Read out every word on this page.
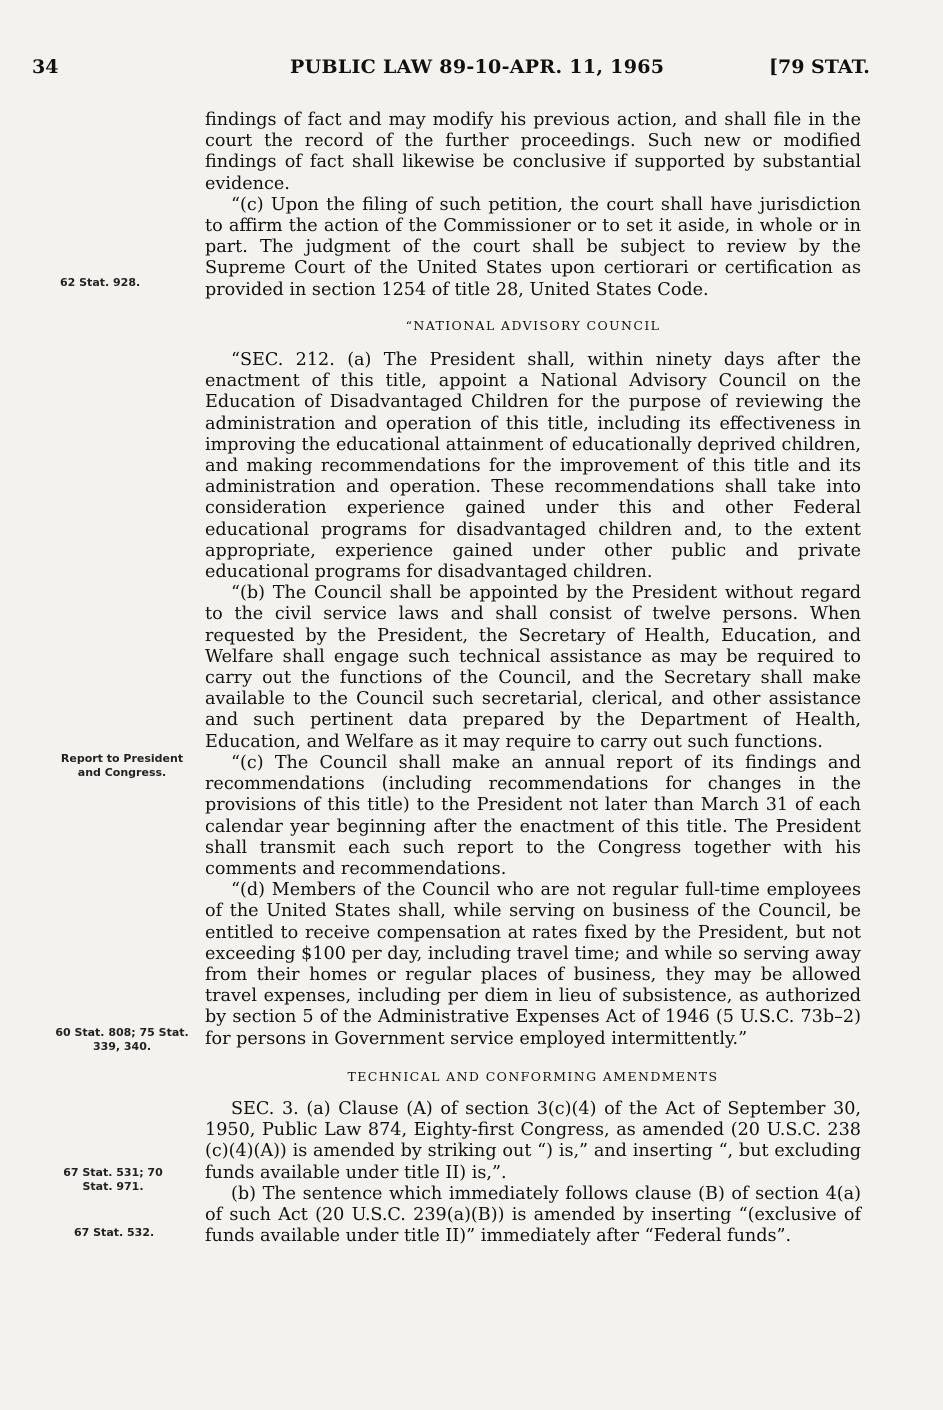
34	PUBLIC LAW 89-10-APR. 11, 1965	[79 STAT.
62 Stat. 928.
Report to President and Congress.
60 Stat. 808; 75 Stat. 339, 340.
67 Stat. 531; 70 Stat. 971.
67 Stat. 532.

findings of fact and may modify his previous action, and shall file in the court the record of the further proceedings. Such new or modified findings of fact shall likewise be conclusive if supported by substantial evidence.

“(c) Upon the filing of such petition, the court shall have jurisdiction to affirm the action of the Commissioner or to set it aside, in whole or in part. The judgment of the court shall be subject to review by the Supreme Court of the United States upon certiorari or certification as provided in section 1254 of title 28, United States Code.

“NATIONAL ADVISORY COUNCIL

“SEC. 212. (a) The President shall, within ninety days after the enactment of this title, appoint a National Advisory Council on the Education of Disadvantaged Children for the purpose of reviewing the administration and operation of this title, including its effectiveness in improving the educational attainment of educationally deprived children, and making recommendations for the improvement of this title and its administration and operation. These recommendations shall take into consideration experience gained under this and other Federal educational programs for disadvantaged children and, to the extent appropriate, experience gained under other public and private educational programs for disadvantaged children.

“(b) The Council shall be appointed by the President without regard to the civil service laws and shall consist of twelve persons. When requested by the President, the Secretary of Health, Education, and Welfare shall engage such technical assistance as may be required to carry out the functions of the Council, and the Secretary shall make available to the Council such secretarial, clerical, and other assistance and such pertinent data prepared by the Department of Health, Education, and Welfare as it may require to carry out such functions.

“(c) The Council shall make an annual report of its findings and recommendations (including recommendations for changes in the provisions of this title) to the President not later than March 31 of each calendar year beginning after the enactment of this title. The President shall transmit each such report to the Congress together with his comments and recommendations.

“(d) Members of the Council who are not regular full-time employees of the United States shall, while serving on business of the Council, be entitled to receive compensation at rates fixed by the President, but not exceeding $100 per day, including travel time; and while so serving away from their homes or regular places of business, they may be allowed travel expenses, including per diem in lieu of subsistence, as authorized by section 5 of the Administrative Expenses Act of 1946 (5 U.S.C. 73b–2) for persons in Government service employed intermittently.”

TECHNICAL AND CONFORMING AMENDMENTS

SEC. 3. (a) Clause (A) of section 3(c)(4) of the Act of September 30, 1950, Public Law 874, Eighty-first Congress, as amended (20 U.S.C. 238 (c)(4)(A)) is amended by striking out “) is,” and inserting “, but excluding funds available under title II) is,”.

(b) The sentence which immediately follows clause (B) of section 4(a) of such Act (20 U.S.C. 239(a)(B)) is amended by inserting “(exclusive of funds available under title II)” immediately after “Federal funds”.
